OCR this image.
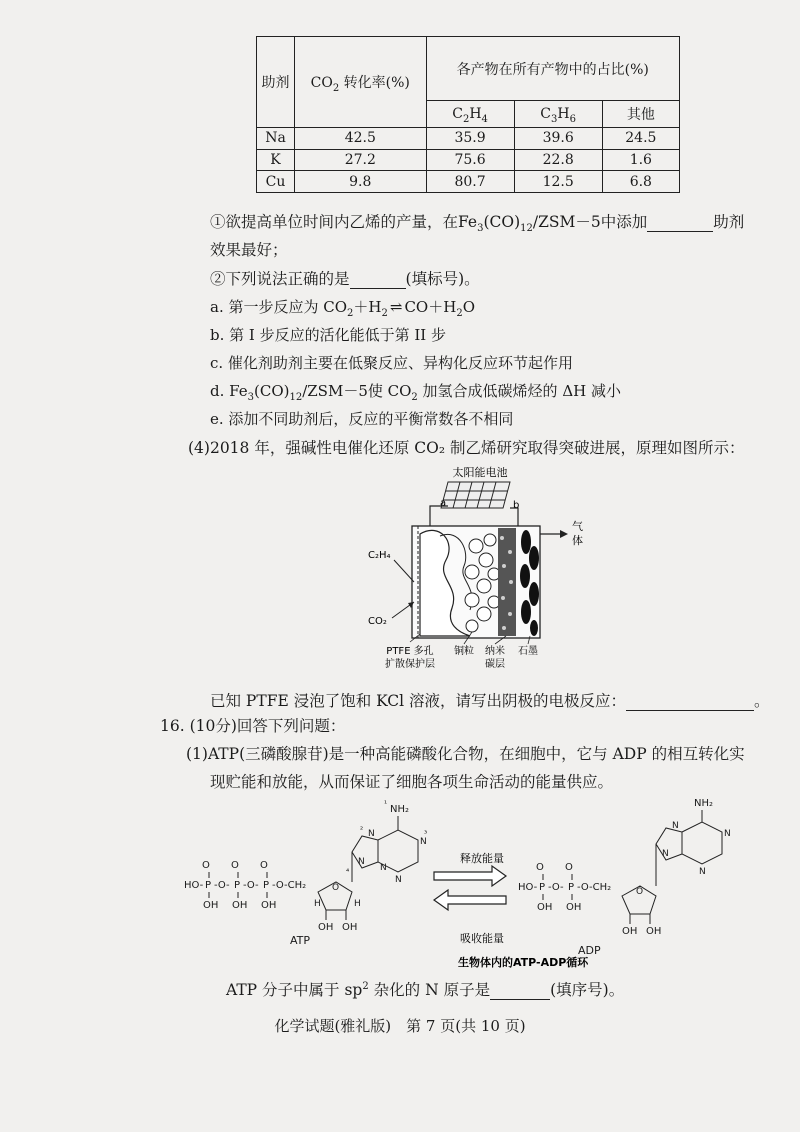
助剂	$CO_2$ 转化率(%)	各产物在所有产物中的占比(%)		
		$C_2H_4$	$C_3H_6$	其他
Na	42.5	35.9	39.6	24.5
K	27.2	75.6	22.8	1.6
Cu	9.8	80.7	12.5	6.8
①欲提高单位时间内乙烯的产量，在$Fe_3(CO)_{12}/ZSM-5$中添加	助剂
效果最好；
②下列说法正确的是	(填标号)。
a. 第一步反应为 $CO_2+H_2$ ⇌ $CO+H_2O$
b. 第 I 步反应的活化能低于第 II 步
c. 催化剂助剂主要在低聚反应、异构化反应环节起作用
d. $Fe_3(CO)_{12}/ZSM-5$使 $CO_2$ 加氢合成低碳烯烃的 ΔH 减小
e. 添加不同助剂后，反应的平衡常数各不相同
(4)2018 年，强碱性电催化还原 CO₂ 制乙烯研究取得突破进展，原理如图所示：
太阳能电池
a	b
气
体
C₂H₄
CO₂
PTFE 多孔
扩散保护层
铜粒 纳米
碳层
石墨
已知 PTFE 浸泡了饱和 KCl 溶液，请写出阴极的电极反应：	。
16. (10分)回答下列问题：
(1)ATP(三磷酸腺苷)是一种高能磷酸化合物，在细胞中，它与 ADP 的相互转化实
现贮能和放能，从而保证了细胞各项生命活动的能量供应。
HO- P
O
OH
-O- P
O
OH
-O- P
O
OH
-O-CH₂	O
OH OH
H	H
NH₂
N
N
N
N
N
¹
²	³
⁴
ATP
释放能量
吸收能量
生物体内的ATP-ADP循环
HO- P
O
OH
-O- P
O
OH
-O-CH₂	O
OH OH
NH₂
N
N
N
N
ADP
ATP 分子中属于 $sp^2$ 杂化的 N 原子是	(填序号)。
化学试题(雅礼版)　第 7 页(共 10 页)
